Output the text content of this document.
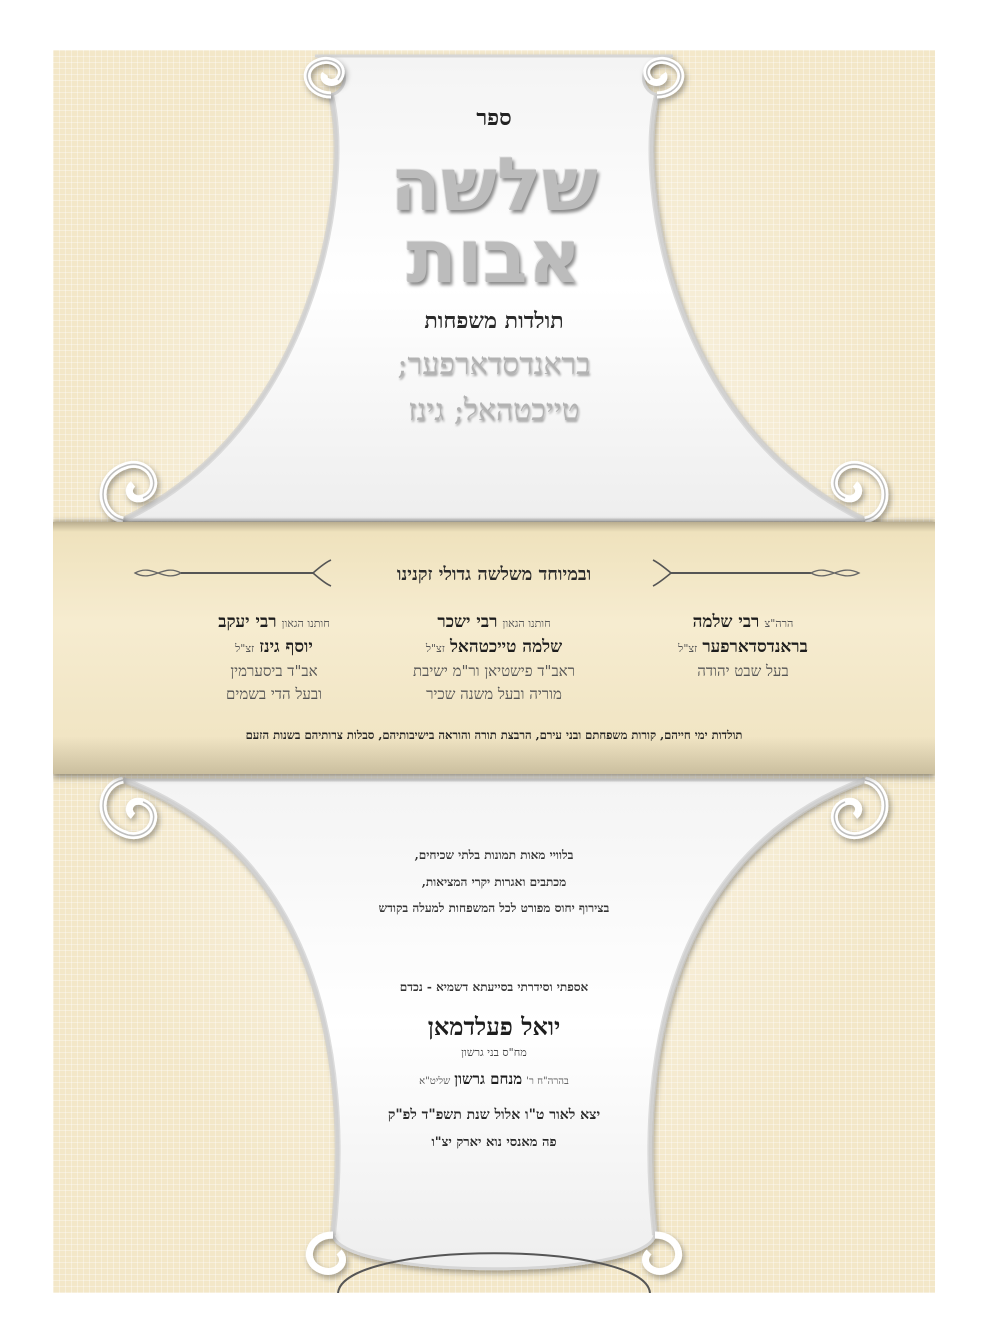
ספר
שלשה
אבות
תולדות משפחות
בראנדסדארפער;
טייכטהאל; גינז
ובמיוחד משלשה גדולי זקנינו
הרה"צ רבי שלמה
בראנדסדארפער זצ"ל
בעל שבט יהודה
חותנו הגאון רבי ישכר
שלמה טייכטהאל זצ"ל
ראב"ד פישטיאן ור"מ ישיבת
מוריה ובעל משנה שכיר
חותנו הגאון רבי יעקב
יוסף גינז זצ"ל
אב"ד ביסערמין
ובעל הדי בשמים
תולדות ימי חייהם, קורות משפחתם ובני עירם, הרבצת תורה והוראה בישיבותיהם, סבלות צרותיהם בשנות הזעם
בלוויי מאות תמונות בלתי שכיחים,
מכתבים ואגרות יקרי המציאות,
בצירוף יחוס מפורט לכל המשפחות למעלה בקודש
אספתי וסידרתי בסייעתא דשמיא - נכדם
יואל פעלדמאן
מח"ס בני גרשון
בהרה"ח ר' מנחם גרשון שליט"א
יצא לאור ט"ו אלול שנת תשפ"ד לפ"ק
פה מאנסי נוא יארק יצ"ו
